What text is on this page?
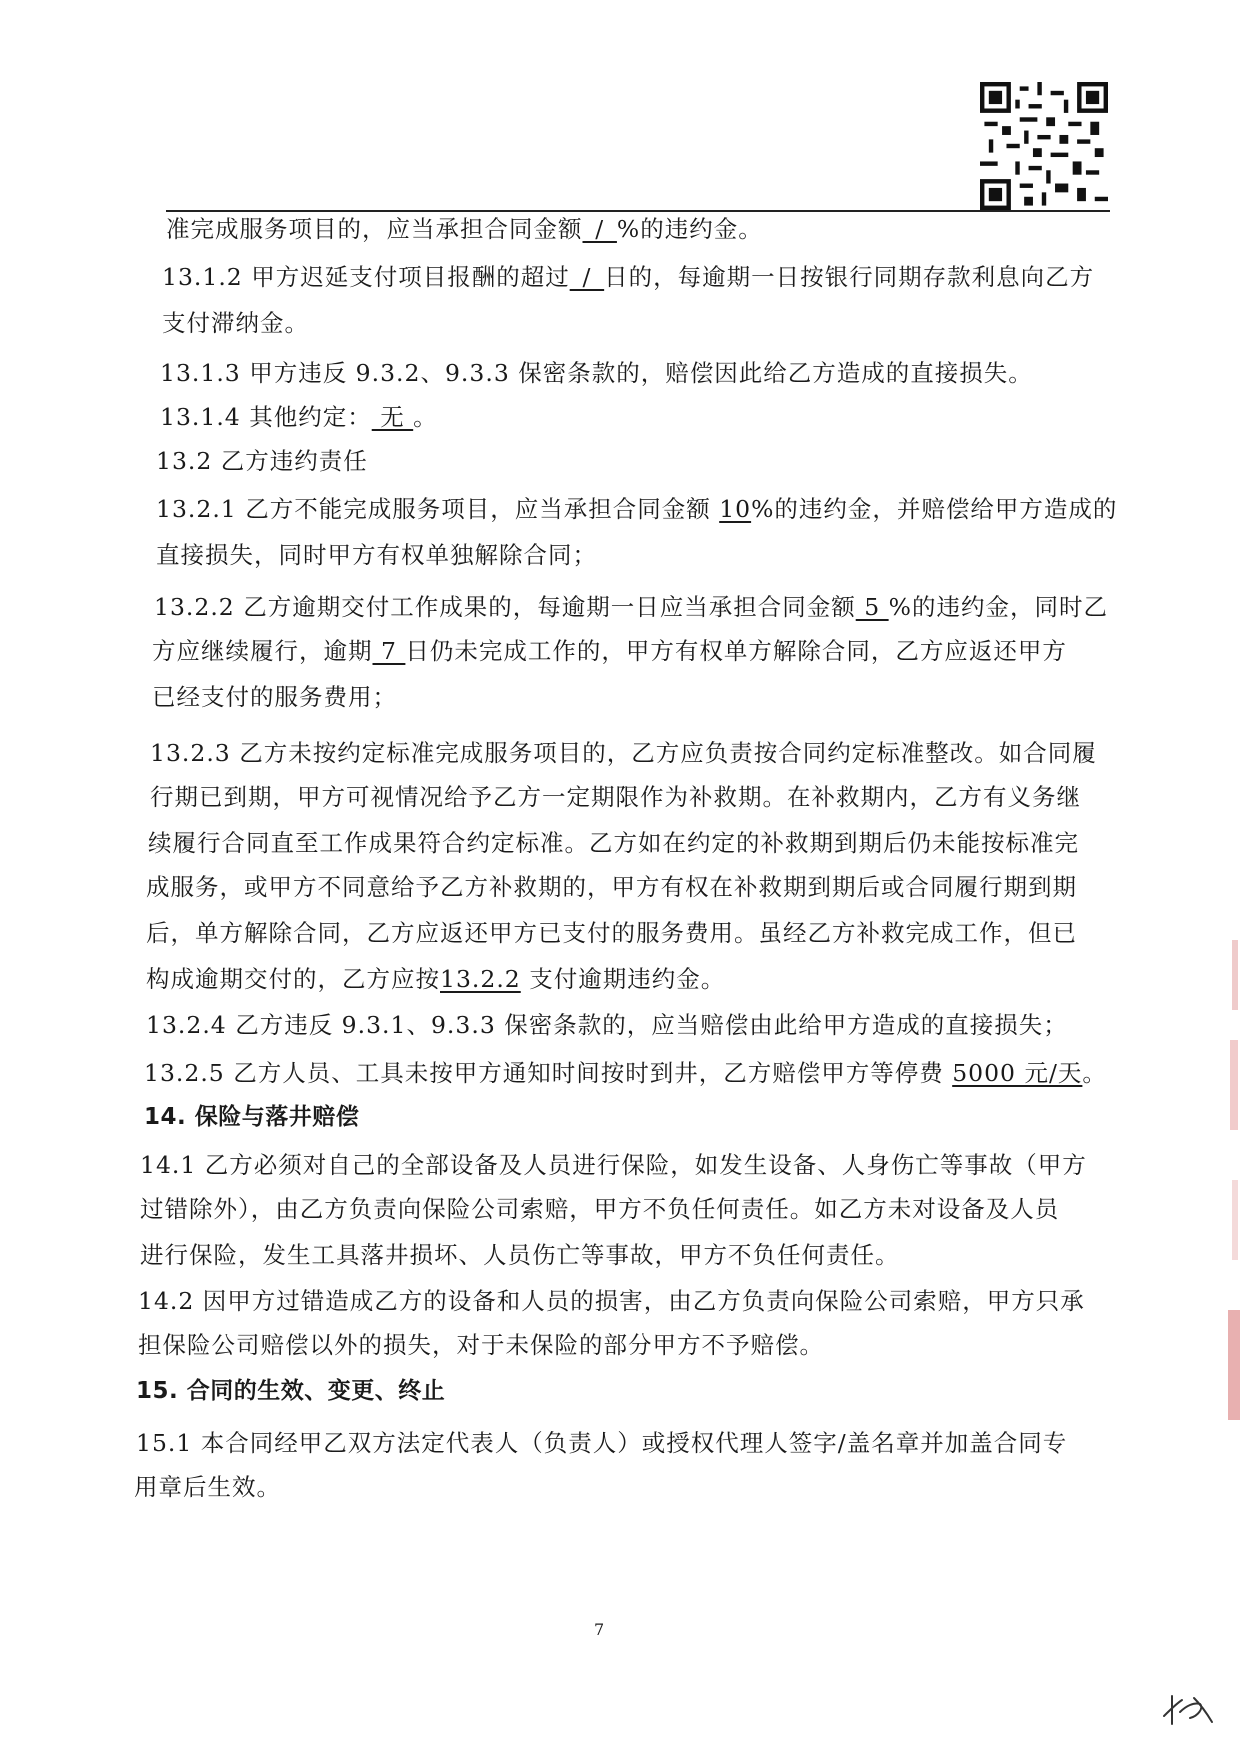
准完成服务项目的，应当承担合同金额_/_%的违约金。
13.1.2 甲方迟延支付项目报酬的超过_/_日的，每逾期一日按银行同期存款利息向乙方
支付滞纳金。
13.1.3 甲方违反 9.3.2、9.3.3 保密条款的，赔偿因此给乙方造成的直接损失。
13.1.4 其他约定： 无 。
13.2 乙方违约责任
13.2.1 乙方不能完成服务项目，应当承担合同金额 10%的违约金，并赔偿给甲方造成的
直接损失，同时甲方有权单独解除合同；
13.2.2 乙方逾期交付工作成果的，每逾期一日应当承担合同金额 5 %的违约金，同时乙
方应继续履行，逾期 7 日仍未完成工作的，甲方有权单方解除合同，乙方应返还甲方
已经支付的服务费用；
13.2.3 乙方未按约定标准完成服务项目的，乙方应负责按合同约定标准整改。如合同履
行期已到期，甲方可视情况给予乙方一定期限作为补救期。在补救期内，乙方有义务继
续履行合同直至工作成果符合约定标准。乙方如在约定的补救期到期后仍未能按标准完
成服务，或甲方不同意给予乙方补救期的，甲方有权在补救期到期后或合同履行期到期
后，单方解除合同，乙方应返还甲方已支付的服务费用。虽经乙方补救完成工作，但已
构成逾期交付的，乙方应按13.2.2 支付逾期违约金。
13.2.4 乙方违反 9.3.1、9.3.3 保密条款的，应当赔偿由此给甲方造成的直接损失；
13.2.5 乙方人员、工具未按甲方通知时间按时到井，乙方赔偿甲方等停费 5000 元/天。
14. 保险与落井赔偿
14.1 乙方必须对自己的全部设备及人员进行保险，如发生设备、人身伤亡等事故（甲方
过错除外），由乙方负责向保险公司索赔，甲方不负任何责任。如乙方未对设备及人员
进行保险，发生工具落井损坏、人员伤亡等事故，甲方不负任何责任。
14.2 因甲方过错造成乙方的设备和人员的损害，由乙方负责向保险公司索赔，甲方只承
担保险公司赔偿以外的损失，对于未保险的部分甲方不予赔偿。
15. 合同的生效、变更、终止
15.1 本合同经甲乙双方法定代表人（负责人）或授权代理人签字/盖名章并加盖合同专
用章后生效。
7
